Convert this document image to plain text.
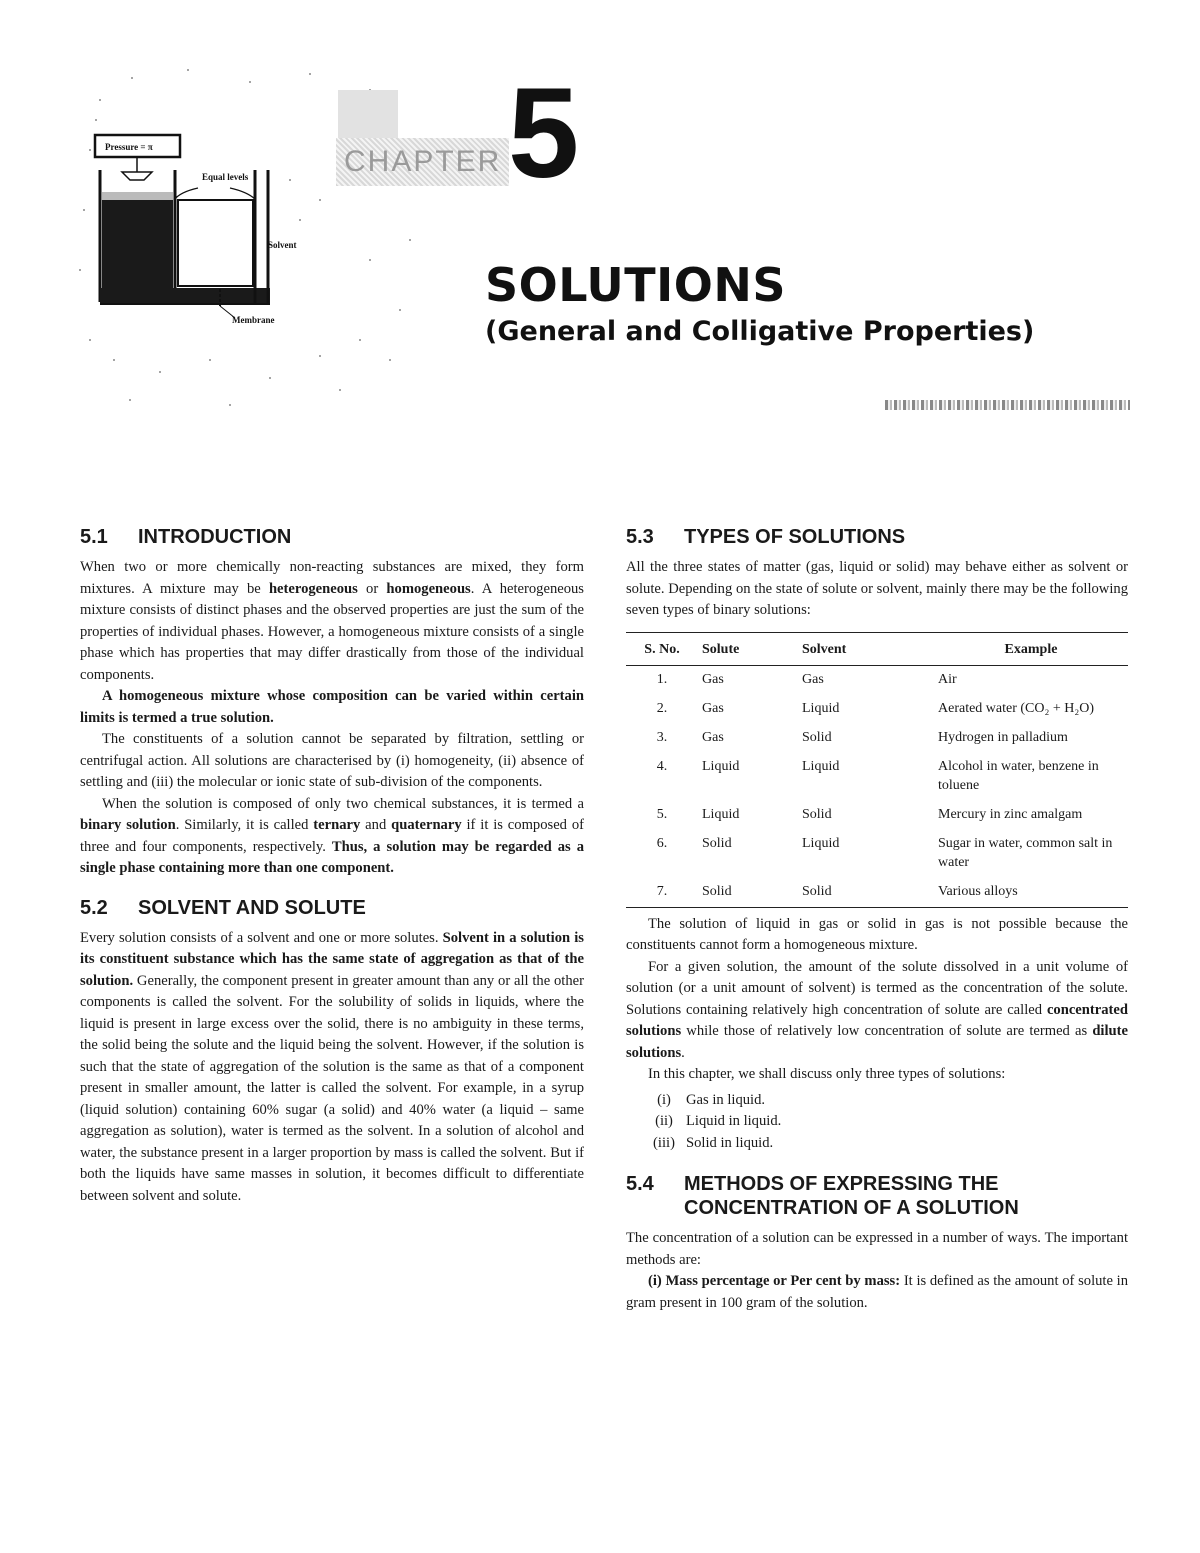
Pressure = π
Equal levels
Solvent
Membrane
CHAPTER 5
SOLUTIONS
(General and Colligative Properties)
5.1	INTRODUCTION

When two or more chemically non-reacting substances are mixed, they form mixtures. A mixture may be heterogeneous or homogeneous. A heterogeneous mixture consists of distinct phases and the observed properties are just the sum of the properties of individual phases. However, a homogeneous mixture consists of a single phase which has properties that may differ drastically from those of the individual components.

A homogeneous mixture whose composition can be varied within certain limits is termed a true solution.

The constituents of a solution cannot be separated by filtration, settling or centrifugal action. All solutions are characterised by (i) homogeneity, (ii) absence of settling and (iii) the molecular or ionic state of sub-division of the components.

When the solution is composed of only two chemical substances, it is termed a binary solution. Similarly, it is called ternary and quaternary if it is composed of three and four components, respectively. Thus, a solution may be regarded as a single phase containing more than one component.

5.2	SOLVENT AND SOLUTE

Every solution consists of a solvent and one or more solutes. Solvent in a solution is its constituent substance which has the same state of aggregation as that of the solution. Generally, the component present in greater amount than any or all the other components is called the solvent. For the solubility of solids in liquids, where the liquid is present in large excess over the solid, there is no ambiguity in these terms, the solid being the solute and the liquid being the solvent. However, if the solution is such that the state of aggregation of the solution is the same as that of a component present in smaller amount, the latter is called the solvent. For example, in a syrup (liquid solution) containing 60% sugar (a solid) and 40% water (a liquid – same aggregation as solution), water is termed as the solvent. In a solution of alcohol and water, the substance present in a larger proportion by mass is called the solvent. But if both the liquids have same masses in solution, it becomes difficult to differentiate between solvent and solute.

5.3	TYPES OF SOLUTIONS

All the three states of matter (gas, liquid or solid) may behave either as solvent or solute. Depending on the state of solute or solvent, mainly there may be the following seven types of binary solutions:

S. No.	Solute	Solvent	Example
1.	Gas	Gas	Air
2.	Gas	Liquid	Aerated water (CO₂ + H₂O)
3.	Gas	Solid	Hydrogen in palladium
4.	Liquid	Liquid	Alcohol in water, benzene in toluene
5.	Liquid	Solid	Mercury in zinc amalgam
6.	Solid	Liquid	Sugar in water, common salt in water
7.	Solid	Solid	Various alloys

The solution of liquid in gas or solid in gas is not possible because the constituents cannot form a homogeneous mixture.

For a given solution, the amount of the solute dissolved in a unit volume of solution (or a unit amount of solvent) is termed as the concentration of the solute. Solutions containing relatively high concentration of solute are called concentrated solutions while those of relatively low concentration of solute are termed as dilute solutions.

In this chapter, we shall discuss only three types of solutions:

(i)	Gas in liquid.
(ii) Liquid in liquid.
(iii) Solid in liquid.
5.4	METHODS OF EXPRESSING THE
CONCENTRATION OF A SOLUTION

The concentration of a solution can be expressed in a number of ways. The important methods are:

(i) Mass percentage or Per cent by mass: It is defined as the amount of solute in gram present in 100 gram of the solution.
